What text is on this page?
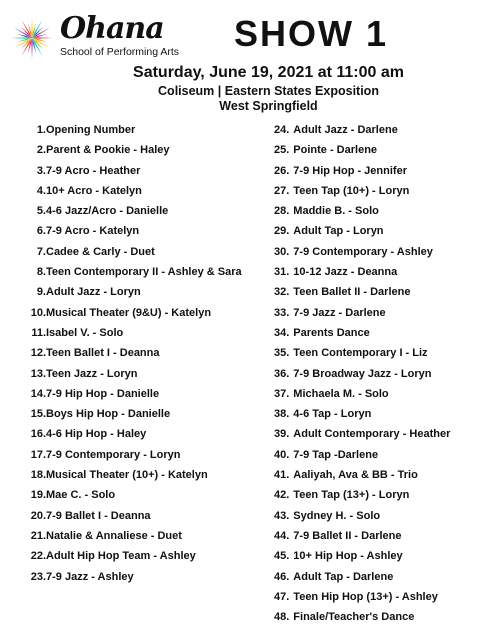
Ohana
School of Performing Arts SHOW 1
Saturday, June 19, 2021 at 11:00 am
Coliseum | Eastern States Exposition
West Springfield
1. Opening Number
2. Parent & Pookie - Haley
3. 7-9 Acro - Heather
4. 10+ Acro - Katelyn
5. 4-6 Jazz/Acro - Danielle
6. 7-9 Acro - Katelyn
7. Cadee & Carly - Duet
8. Teen Contemporary II - Ashley & Sara
9. Adult Jazz - Loryn
10. Musical Theater (9&U) - Katelyn
11. Isabel V. - Solo
12. Teen Ballet I - Deanna
13. Teen Jazz - Loryn
14. 7-9 Hip Hop - Danielle
15. Boys Hip Hop - Danielle
16. 4-6 Hip Hop - Haley
17. 7-9 Contemporary - Loryn
18. Musical Theater (10+) - Katelyn
19. Mae C. - Solo
20. 7-9 Ballet I - Deanna
21. Natalie & Annaliese - Duet
22. Adult Hip Hop Team - Ashley
23. 7-9 Jazz - Ashley
24. Adult Jazz - Darlene
25. Pointe - Darlene
26. 7-9 Hip Hop - Jennifer
27. Teen Tap (10+) - Loryn
28. Maddie B. - Solo
29. Adult Tap - Loryn
30. 7-9 Contemporary - Ashley
31. 10-12 Jazz - Deanna
32. Teen Ballet II - Darlene
33. 7-9 Jazz - Darlene
34. Parents Dance
35. Teen Contemporary I - Liz
36. 7-9 Broadway Jazz - Loryn
37. Michaela M. - Solo
38. 4-6 Tap - Loryn
39. Adult Contemporary - Heather
40. 7-9 Tap -Darlene
41. Aaliyah, Ava & BB - Trio
42. Teen Tap (13+) - Loryn
43. Sydney H. - Solo
44. 7-9 Ballet II - Darlene
45. 10+ Hip Hop - Ashley
46. Adult Tap - Darlene
47. Teen Hip Hop (13+) - Ashley
48. Finale/Teacher's Dance
